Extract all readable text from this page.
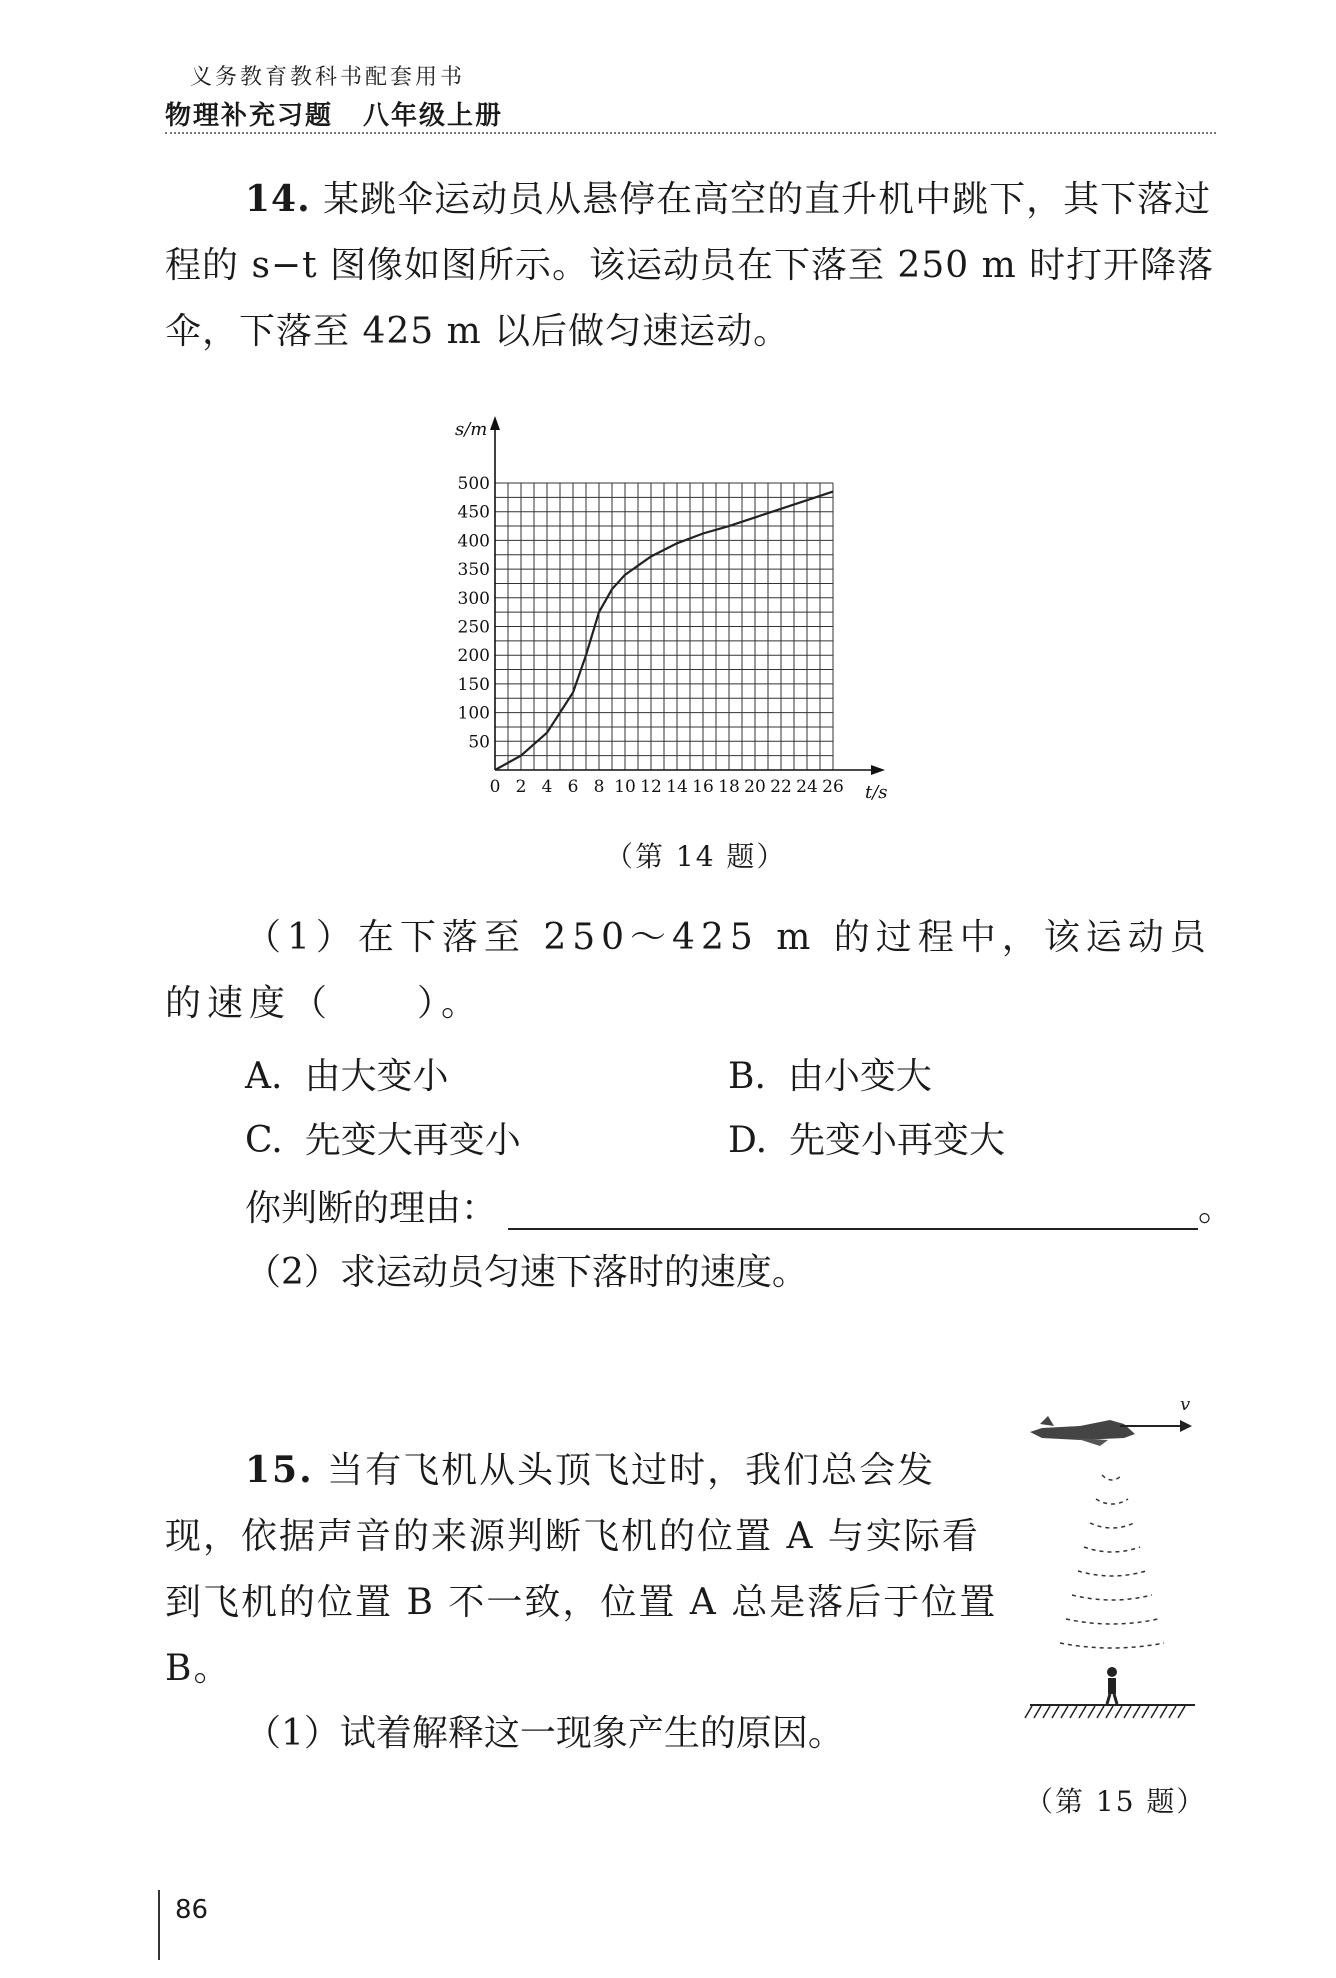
义务教育教科书配套用书
物理补充习题 八年级上册
14. 某跳伞运动员从悬停在高空的直升机中跳下，其下落过程的 s−t 图像如图所示。该运动员在下落至 250 m 时打开降落伞，下落至 425 m 以后做匀速运动。
s/m
t/s
0 2 4 6 8 10 12 14 16 18 20 22 24 26
50
100
150
200
250
300
350
400
450
500
（第 14 题）
（1）在下落至 250～425 m 的过程中，该运动员的速度（　　）。
A. 由大变小	B. 由小变大
C. 先变大再变小	D. 先变小再变大
你判断的理由：	。
（2）求运动员匀速下落时的速度。
15. 当有飞机从头顶飞过时，我们总会发现，依据声音的来源判断飞机的位置 A 与实际看到飞机的位置 B 不一致，位置 A 总是落后于位置 B。
（1）试着解释这一现象产生的原因。
v
（第 15 题）
86
